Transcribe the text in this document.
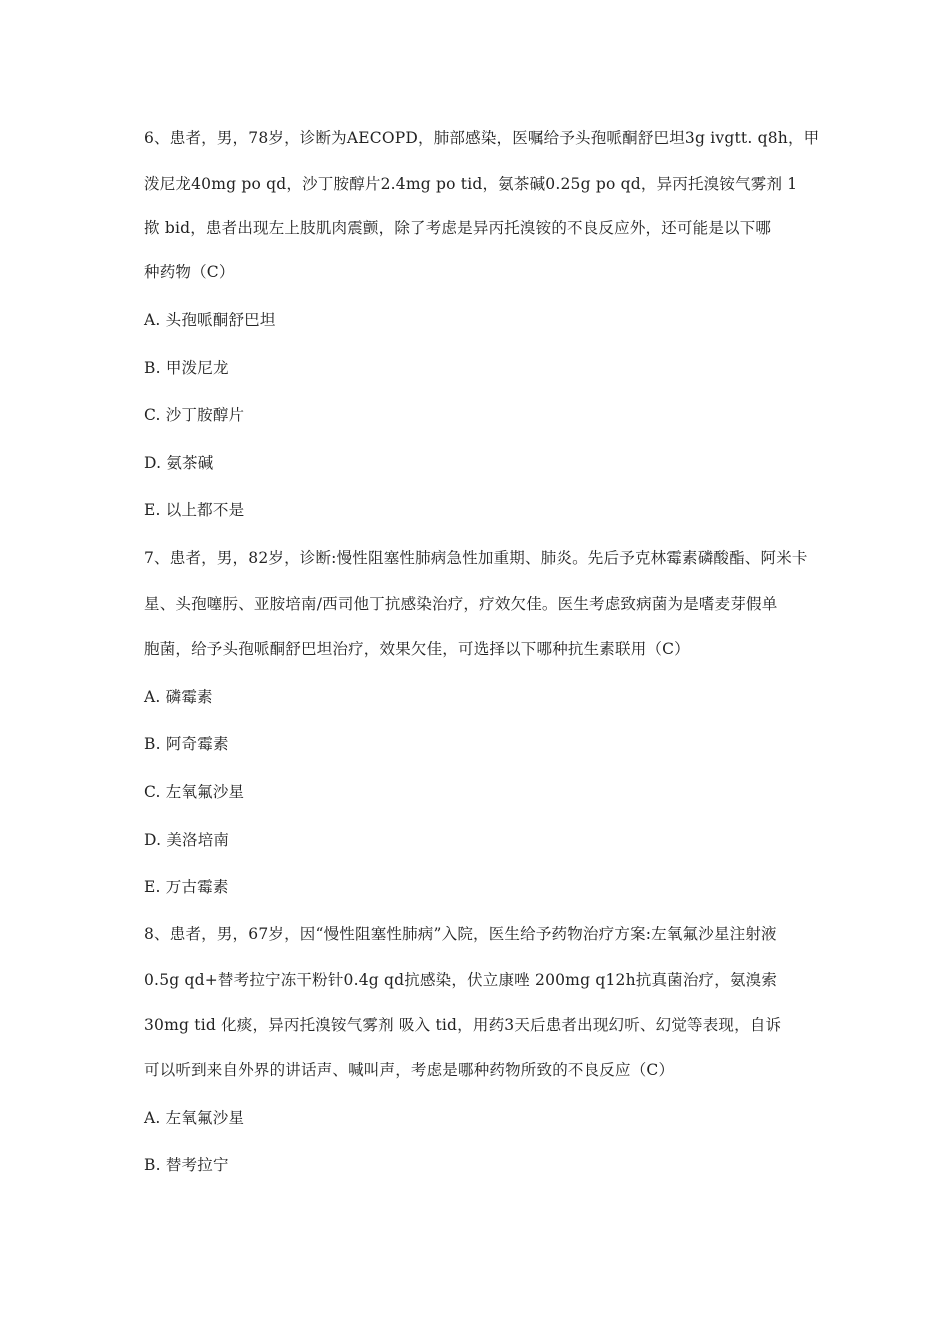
6、患者，男，78岁，诊断为AECOPD，肺部感染，医嘱给予头孢哌酮舒巴坦3g ivgtt. q8h，甲
泼尼龙40mg po qd，沙丁胺醇片2.4mg po tid，氨茶碱0.25g po qd，异丙托溴铵气雾剂 1
揿 bid，患者出现左上肢肌肉震颤，除了考虑是异丙托溴铵的不良反应外，还可能是以下哪
种药物（C）
A. 头孢哌酮舒巴坦
B. 甲泼尼龙
C. 沙丁胺醇片
D. 氨茶碱
E. 以上都不是
7、患者，男，82岁，诊断:慢性阻塞性肺病急性加重期、肺炎。先后予克林霉素磷酸酯、阿米卡
星、头孢噻肟、亚胺培南/西司他丁抗感染治疗，疗效欠佳。医生考虑致病菌为是嗜麦芽假单
胞菌，给予头孢哌酮舒巴坦治疗，效果欠佳，可选择以下哪种抗生素联用（C）
A. 磷霉素
B. 阿奇霉素
C. 左氧氟沙星
D. 美洛培南
E. 万古霉素
8、患者，男，67岁，因“慢性阻塞性肺病”入院，医生给予药物治疗方案:左氧氟沙星注射液
0.5g qd+替考拉宁冻干粉针0.4g qd抗感染，伏立康唑 200mg q12h抗真菌治疗，氨溴索
30mg tid 化痰，异丙托溴铵气雾剂 吸入 tid，用药3天后患者出现幻听、幻觉等表现，自诉
可以听到来自外界的讲话声、喊叫声，考虑是哪种药物所致的不良反应（C）
A. 左氧氟沙星
B. 替考拉宁
